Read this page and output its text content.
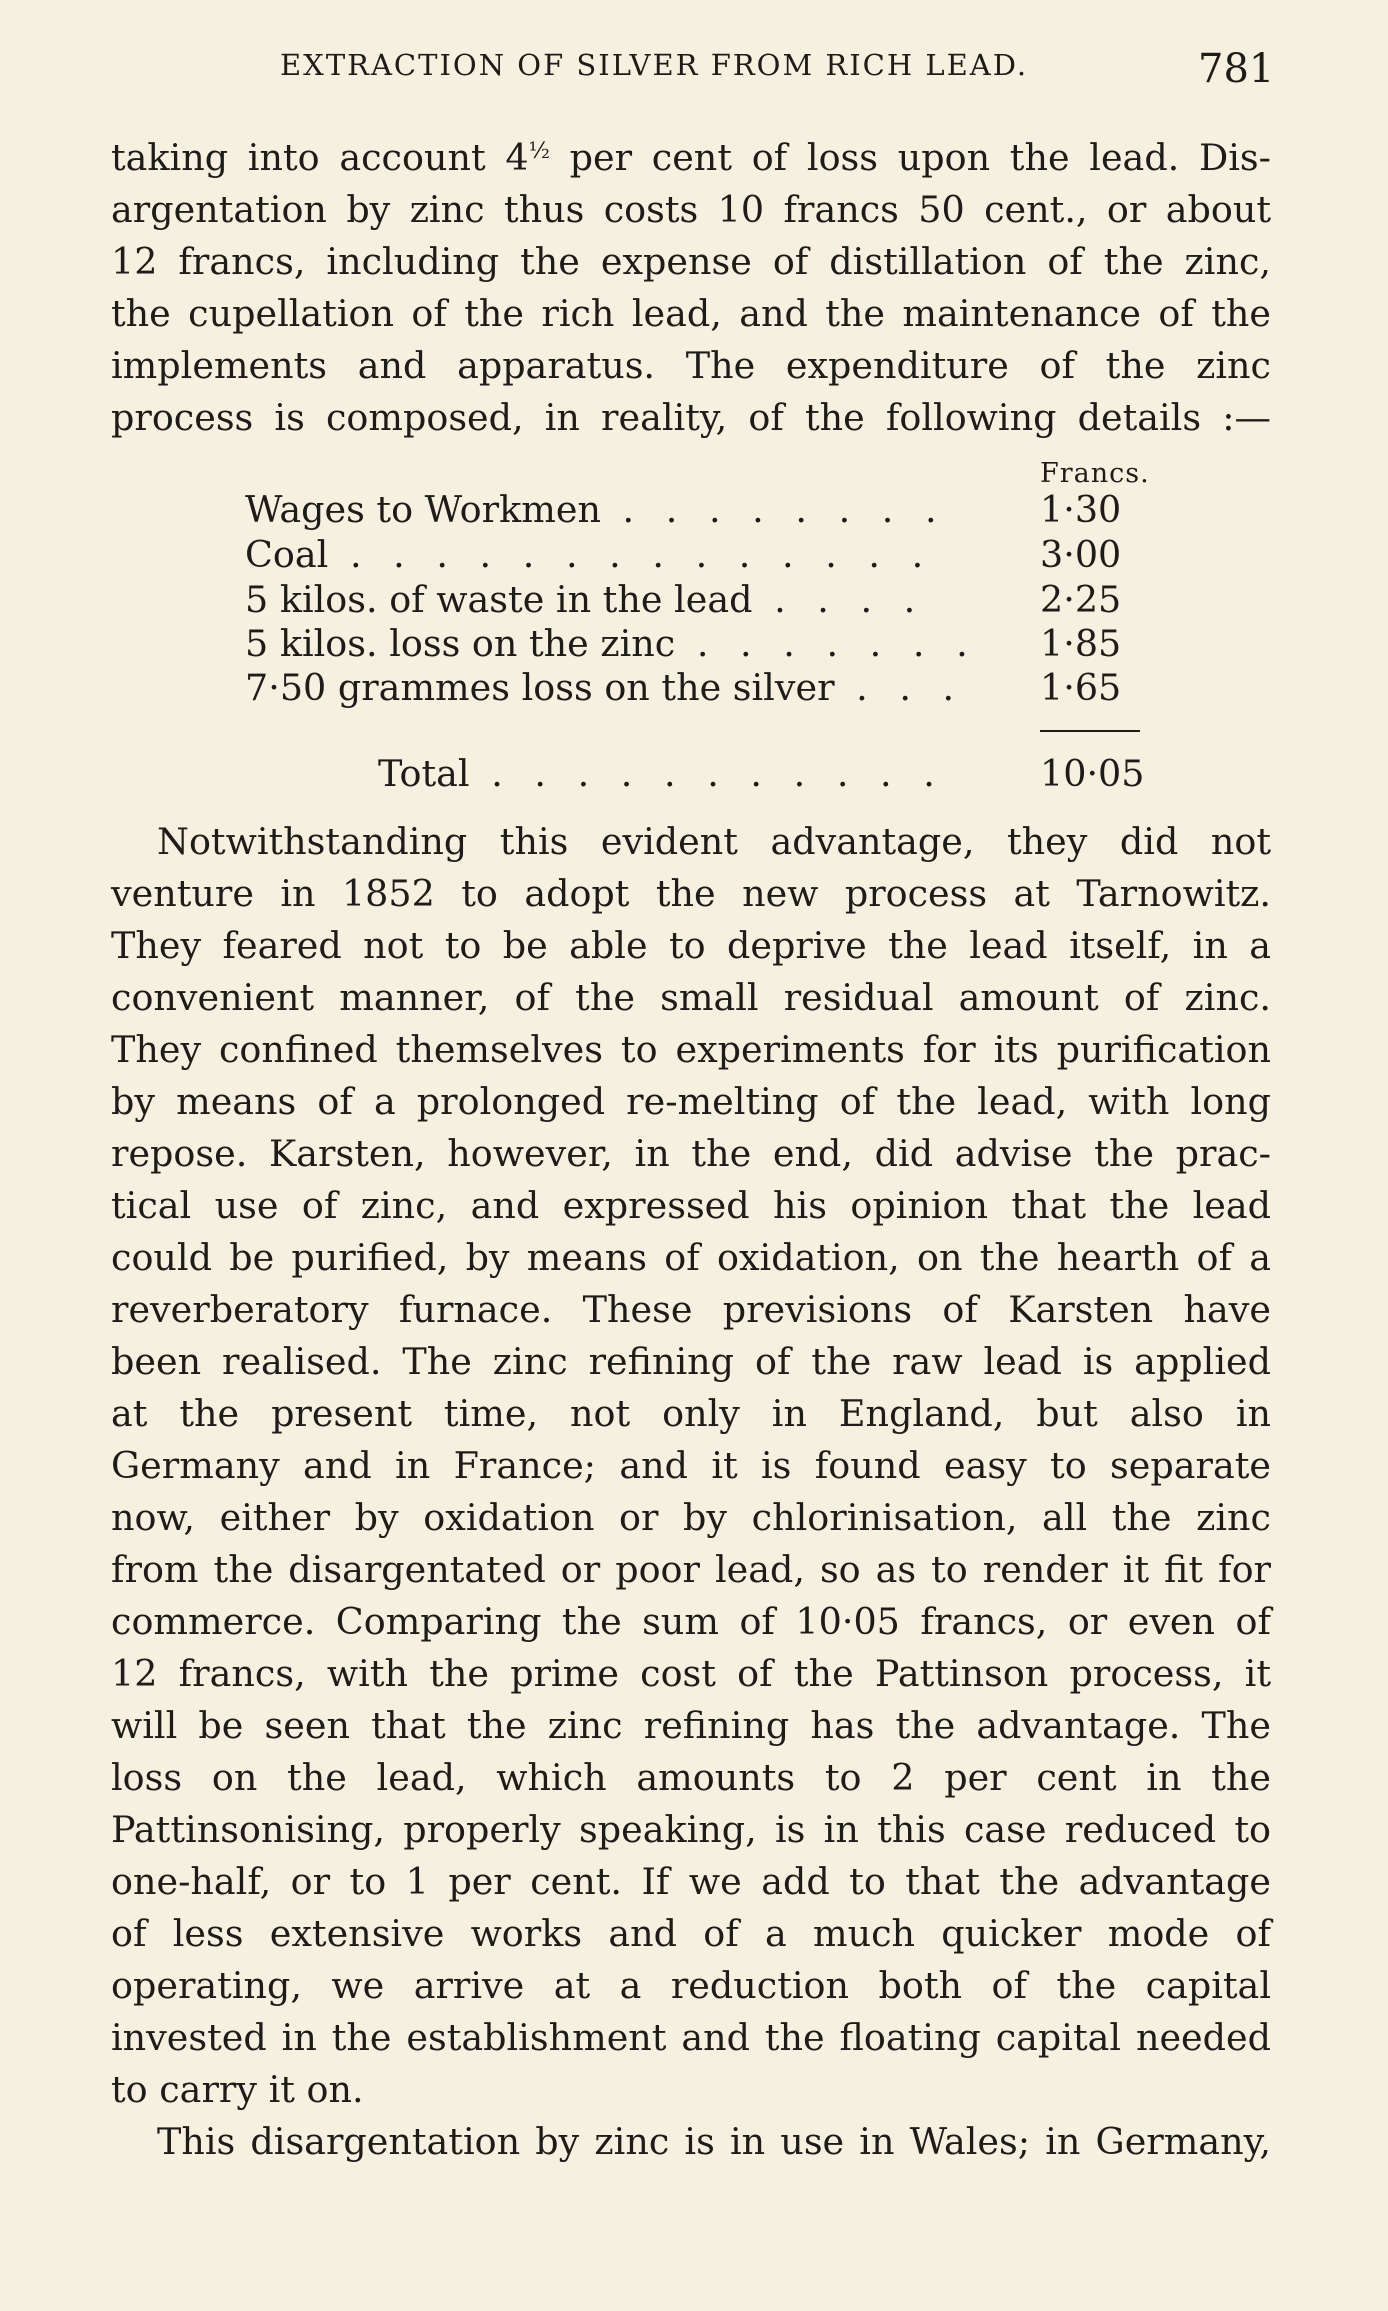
EXTRACTION OF SILVER FROM RICH LEAD.	781
taking into account $4^{\frac{1}{2}}$ per cent of loss upon the lead. Dis-
argentation by zinc thus costs 10 francs 50 cent., or about
12 francs, including the expense of distillation of the zinc,
the cupellation of the rich lead, and the maintenance of the
implements and apparatus. The expenditure of the zinc
process is composed, in reality, of the following details :—
Francs.
Wages to Workmen . . . . . . . .	1·30
Coal . . . . . . . . . . . . . .	3·00
5 kilos. of waste in the lead . . . .	2·25
5 kilos. loss on the zinc . . . . . . .	1·85
7·50 grammes loss on the silver . . .	1·65
Total . . . . . . . . . . .	10·05
Notwithstanding this evident advantage, they did not
venture in 1852 to adopt the new process at Tarnowitz.
They feared not to be able to deprive the lead itself, in a
convenient manner, of the small residual amount of zinc.
They confined themselves to experiments for its purification
by means of a prolonged re-melting of the lead, with long
repose. Karsten, however, in the end, did advise the prac-
tical use of zinc, and expressed his opinion that the lead
could be purified, by means of oxidation, on the hearth of a
reverberatory furnace. These previsions of Karsten have
been realised. The zinc refining of the raw lead is applied
at the present time, not only in England, but also in
Germany and in France; and it is found easy to separate
now, either by oxidation or by chlorinisation, all the zinc
from the disargentated or poor lead, so as to render it fit for
commerce. Comparing the sum of 10·05 francs, or even of
12 francs, with the prime cost of the Pattinson process, it
will be seen that the zinc refining has the advantage. The
loss on the lead, which amounts to 2 per cent in the
Pattinsonising, properly speaking, is in this case reduced to
one-half, or to 1 per cent. If we add to that the advantage
of less extensive works and of a much quicker mode of
operating, we arrive at a reduction both of the capital
invested in the establishment and the floating capital needed
to carry it on.
This disargentation by zinc is in use in Wales; in Germany,
